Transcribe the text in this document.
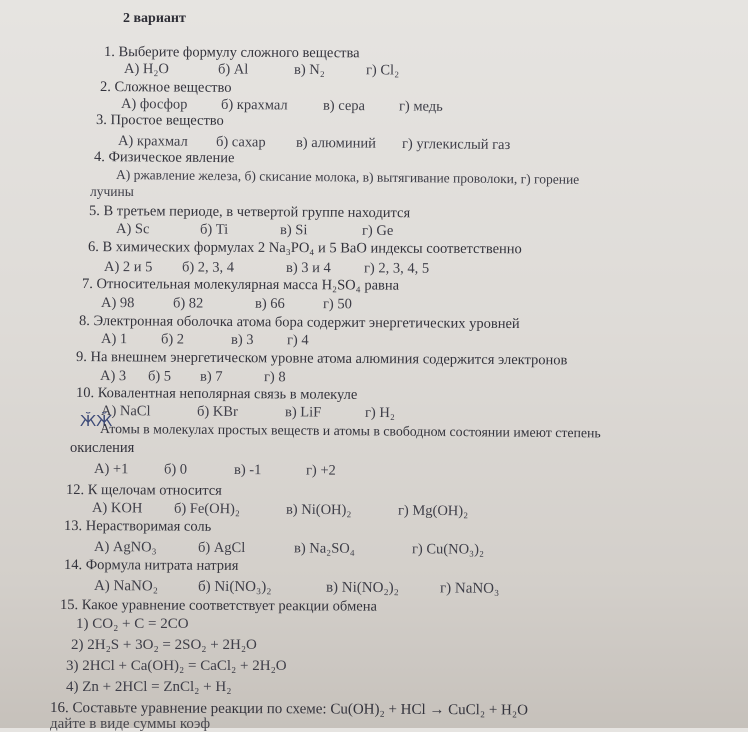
2 вариант
1. Выберите формулу сложного вещества
А) H₂O	б) Al	в) N₂	г) Cl₂
2. Сложное вещество
А) фосфор б) крахмал в) сера г) медь
3. Простое вещество
А) крахмал б) сахар в) алюминий г) углекислый газ
4. Физическое явление
А) ржавление железа, б) скисание молока, в) вытягивание проволоки, г) горение
лучины
5. В третьем периоде, в четвертой группе находится
А) Sc	б) Ti	в) Si	г) Ge
6. В химических формулах 2 Na₃PO₄ и 5 BaO индексы соответственно
А) 2 и 5 б) 2, 3, 4	в) 3 и 4 г) 2, 3, 4, 5
7. Относительная молекулярная масса H₂SO₄ равна
А) 98	б) 82	в) 66	г) 50
8. Электронная оболочка атома бора содержит энергетических уровней
А) 1 б) 2	в) 3 г) 4
9. На внешнем энергетическом уровне атома алюминия содержится электронов
А) 3 б) 5 в) 7	г) 8
10. Ковалентная неполярная связь в молекуле
А) NaCl	б) KBr	в) LiF	г) H₂
ӁӁ
Атомы в молекулах простых веществ и атомы в свободном состоянии имеют степень
окисления
А) +1 б) 0	в) -1	г) +2
12. К щелочам относится
А) KOH б) Fe(OH)₂	в) Ni(OH)₂	г) Mg(OH)₂
13. Нерастворимая соль
А) AgNO₃	б) AgCl	в) Na₂SO₄	г) Cu(NO₃)₂
14. Формула нитрата натрия
А) NaNO₂	б) Ni(NO₃)₂	в) Ni(NO₂)₂	г) NaNO₃
15. Какое уравнение соответствует реакции обмена
1) CO₂ + C = 2CO
2) 2H₂S + 3O₂ = 2SO₂ + 2H₂O
3) 2HCl + Ca(OH)₂ = CaCl₂ + 2H₂O
4) Zn + 2HCl = ZnCl₂ + H₂
16. Составьте уравнение реакции по схеме: Cu(OH)₂ + HCl → CuCl₂ + H₂O
дайте в виде суммы коэф
